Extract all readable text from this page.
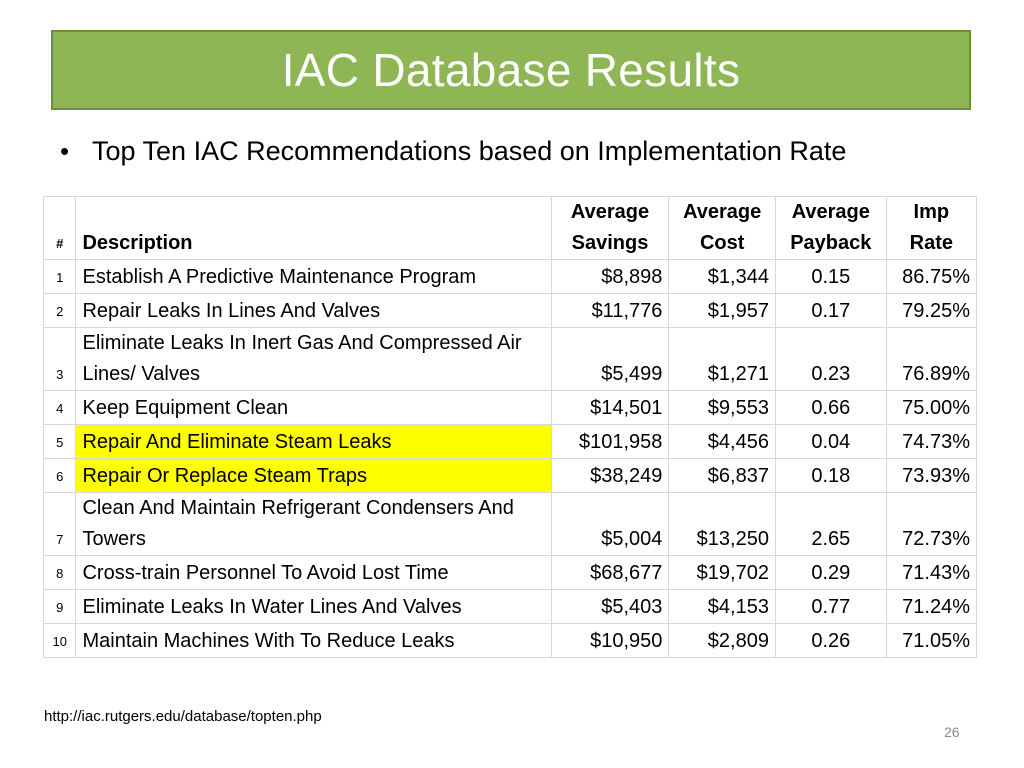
IAC Database Results
• Top Ten IAC Recommendations based on Implementation Rate
#	Description	Average Savings	Average Cost	Average Payback	Imp Rate
1	Establish A Predictive Maintenance Program	$8,898	$1,344	0.15	86.75%
2	Repair Leaks In Lines And Valves	$11,776	$1,957	0.17	79.25%
3	Eliminate Leaks In Inert Gas And Compressed Air Lines/ Valves	$5,499	$1,271	0.23	76.89%
4	Keep Equipment Clean	$14,501	$9,553	0.66	75.00%
5	Repair And Eliminate Steam Leaks	$101,958	$4,456	0.04	74.73%
6	Repair Or Replace Steam Traps	$38,249	$6,837	0.18	73.93%
7	Clean And Maintain Refrigerant Condensers And Towers	$5,004	$13,250	2.65	72.73%
8	Cross-train Personnel To Avoid Lost Time	$68,677	$19,702	0.29	71.43%
9	Eliminate Leaks In Water Lines And Valves	$5,403	$4,153	0.77	71.24%
10	Maintain Machines With To Reduce Leaks	$10,950	$2,809	0.26	71.05%
http://iac.rutgers.edu/database/topten.php
26
